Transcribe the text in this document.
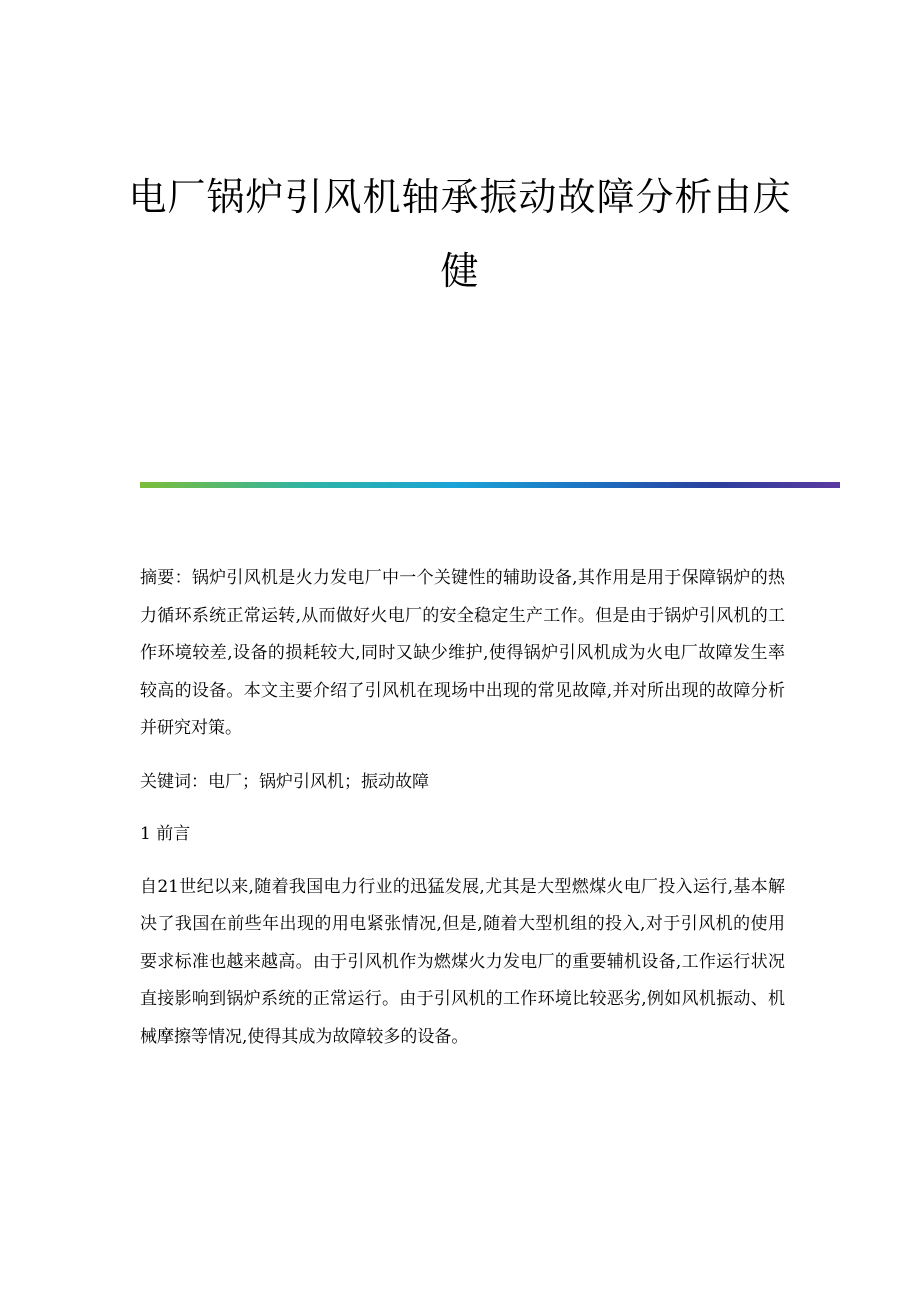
电厂锅炉引风机轴承振动故障分析由庆
健

摘要：锅炉引风机是火力发电厂中一个关键性的辅助设备,其作用是用于保障锅炉的热力循环系统正常运转,从而做好火电厂的安全稳定生产工作。但是由于锅炉引风机的工作环境较差,设备的损耗较大,同时又缺少维护,使得锅炉引风机成为火电厂故障发生率较高的设备。本文主要介绍了引风机在现场中出现的常见故障,并对所出现的故障分析并研究对策。

关键词：电厂；锅炉引风机；振动故障

1 前言

自21世纪以来,随着我国电力行业的迅猛发展,尤其是大型燃煤火电厂投入运行,基本解决了我国在前些年出现的用电紧张情况,但是,随着大型机组的投入,对于引风机的使用要求标准也越来越高。由于引风机作为燃煤火力发电厂的重要辅机设备,工作运行状况直接影响到锅炉系统的正常运行。由于引风机的工作环境比较恶劣,例如风机振动、机械摩擦等情况,使得其成为故障较多的设备。
